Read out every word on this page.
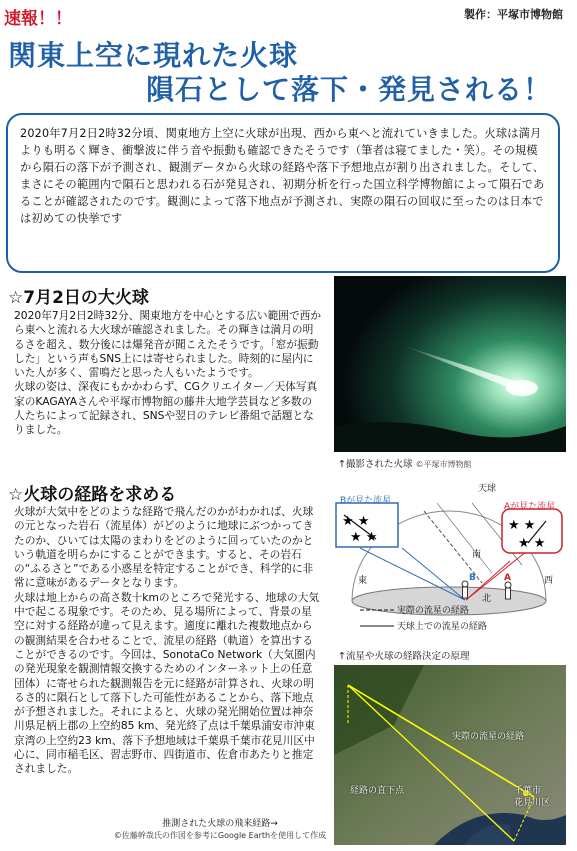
速報！！	製作：平塚市博物館
関東上空に現れた火球
隕石として落下・発見される！

2020年7月2日2時32分頃、関東地方上空に火球が出現、西から東へと流れていきました。火球は満月よりも明るく輝き、衝撃波に伴う音や振動も確認できたそうです（筆者は寝てました・笑）。その規模から隕石の落下が予測され、観測データから火球の経路や落下予想地点が割り出されました。そして、まさにその範囲内で隕石と思われる石が発見され、初期分析を行った国立科学博物館によって隕石であることが確認されたのです。観測によって落下地点が予測され、実際の隕石の回収に至ったのは日本では初めての快挙です

☆7月2日の大火球

2020年7月2日2時32分、関東地方を中心とする広い範囲で西から東へと流れる大火球が確認されました。その輝きは満月の明るさを超え、数分後には爆発音が聞こえたそうです。「窓が振動した」という声もSNS上には寄せられました。時刻的に屋内にいた人が多く、雷鳴だと思った人もいたようです。

火球の姿は、深夜にもかかわらず、CGクリエイター／天体写真家のKAGAYAさんや平塚市博物館の藤井大地学芸員など多数の人たちによって記録され、SNSや翌日のテレビ番組で話題となりました。

↑撮影された火球 ©平塚市博物館
☆火球の経路を求める

火球が大気中をどのような経路で飛んだのかがわかれば、火球の元となった岩石（流星体）がどのように地球にぶつかってきたのか、ひいては太陽のまわりをどのように回っていたのかという軌道を明らかにすることができます。すると、その岩石の“ふるさと”である小惑星を特定することができ、科学的に非常に意味があるデータとなります。

火球は地上からの高さ数十kmのところで発光する、地球の大気中で起こる現象です。そのため、見る場所によって、背景の星空に対する経路が違って見えます。適度に離れた複数地点からの観測結果を合わせることで、流星の経路（軌道）を算出することができるのです。今回は、SonotaCo Network（大気圏内の発光現象を観測情報交換するためのインターネット上の任意団体）に寄せられた観測報告を元に経路が計算され、火球の明るさ的に隕石として落下した可能性があることから、落下地点が予想されました。それによると、火球の発光開始位置は神奈川県足柄上郡の上空約85 km、発光終了点は千葉県浦安市沖東京湾の上空約23 km、落下予想地域は千葉県千葉市花見川区中心に、同市稲毛区、習志野市、四街道市、佐倉市あたりと推定されました。

★ ★
★ ★
★ ★
★ ★
天球
Bが見た流星
Aが見た流星
南
北
東	西
B	A
実際の流星の経路
天球上での流星の経路
↑流星や火球の経路決定の原理
実際の流星の経路
経路の直下点	千葉市
花見川区
推測された火球の飛来経路→
©佐藤幹哉氏の作図を参考にGoogle Earthを使用して作成
